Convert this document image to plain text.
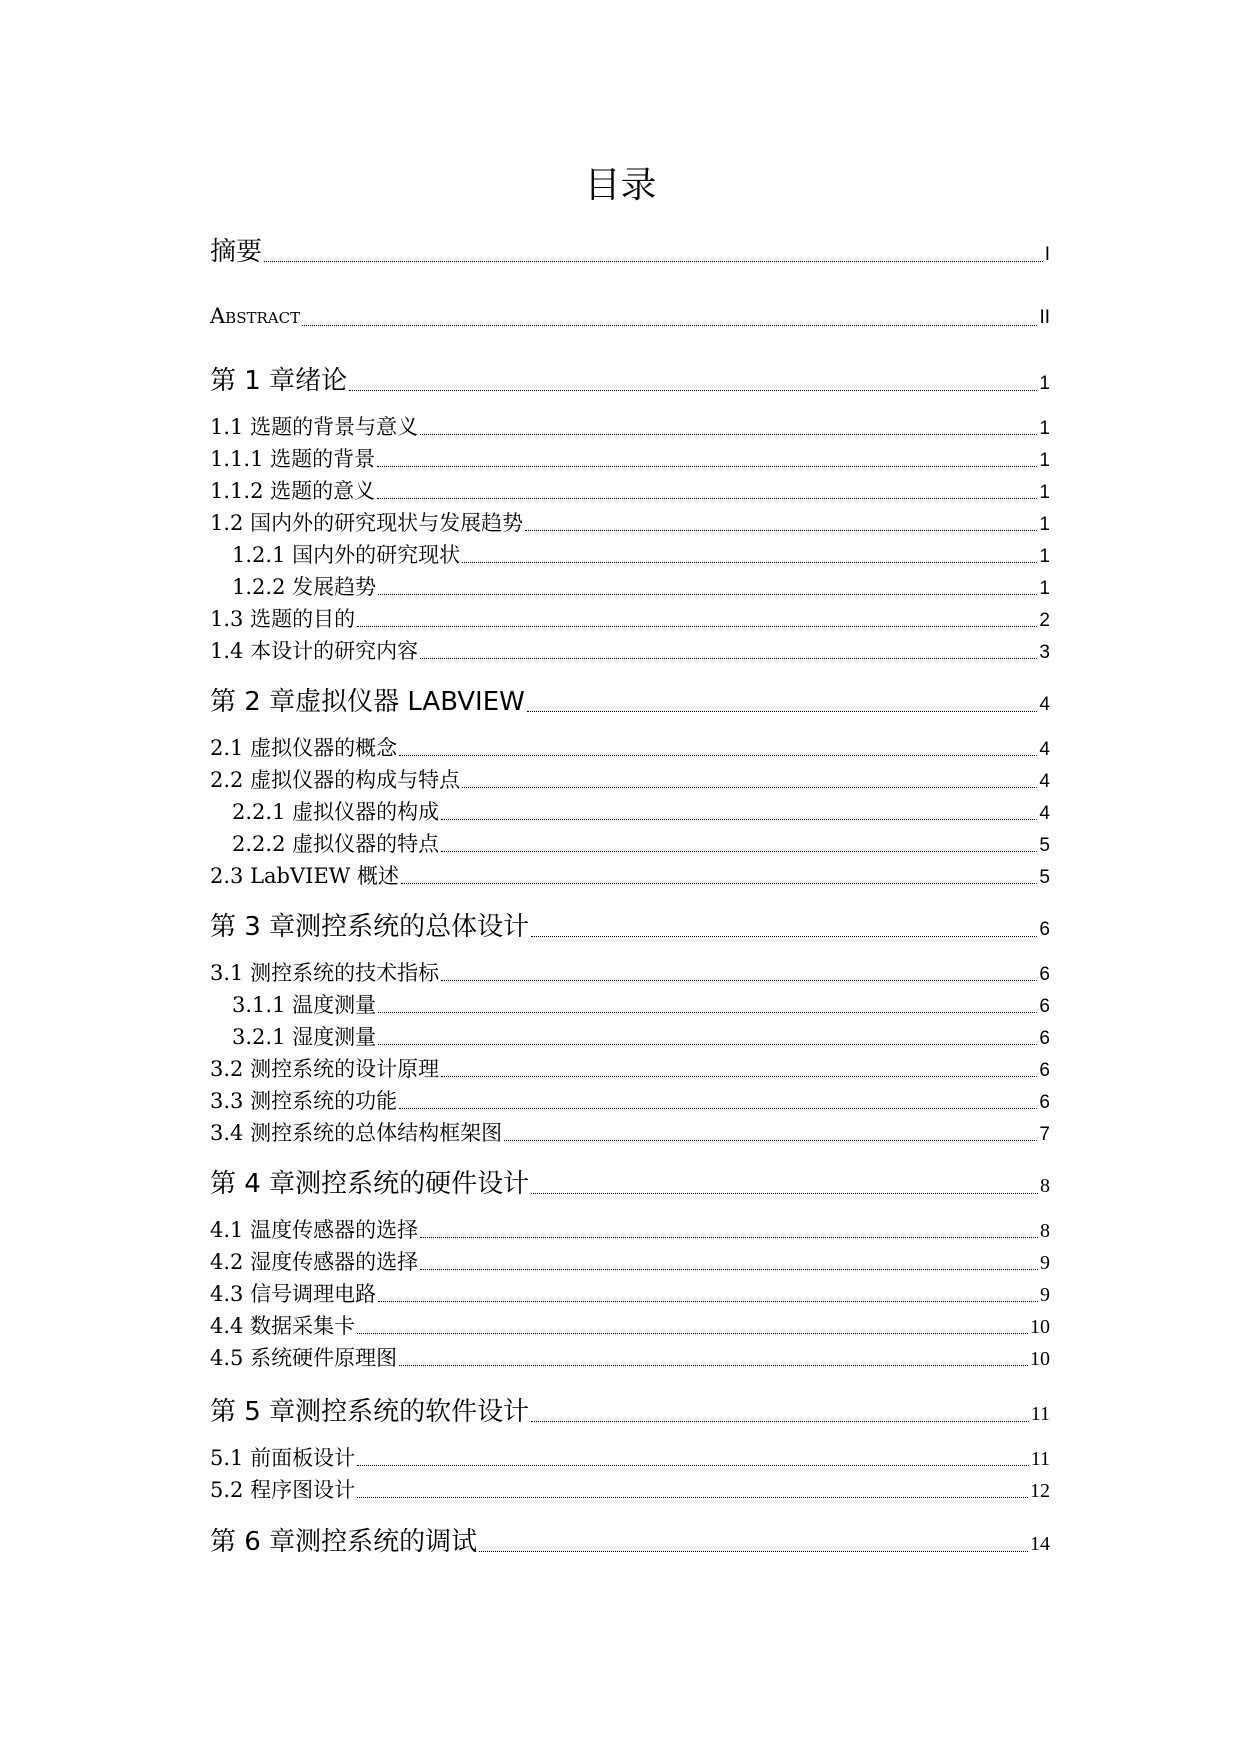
目录
摘要	I
Abstract	II
第 1 章绪论	1
1.1 选题的背景与意义	1
1.1.1 选题的背景	1
1.1.2 选题的意义	1
1.2 国内外的研究现状与发展趋势	1
1.2.1 国内外的研究现状	1
1.2.2 发展趋势	1
1.3 选题的目的	2
1.4 本设计的研究内容	3
第 2 章虚拟仪器 LABVIEW	4
2.1 虚拟仪器的概念	4
2.2 虚拟仪器的构成与特点	4
2.2.1 虚拟仪器的构成	4
2.2.2 虚拟仪器的特点	5
2.3 LabVIEW 概述	5
第 3 章测控系统的总体设计	6
3.1 测控系统的技术指标	6
3.1.1 温度测量	6
3.2.1 湿度测量	6
3.2 测控系统的设计原理	6
3.3 测控系统的功能	6
3.4 测控系统的总体结构框架图	7
第 4 章测控系统的硬件设计	8
4.1 温度传感器的选择	8
4.2 湿度传感器的选择	9
4.3 信号调理电路	9
4.4 数据采集卡	10
4.5 系统硬件原理图	10
第 5 章测控系统的软件设计	11
5.1 前面板设计	11
5.2 程序图设计	12
第 6 章测控系统的调试	14
